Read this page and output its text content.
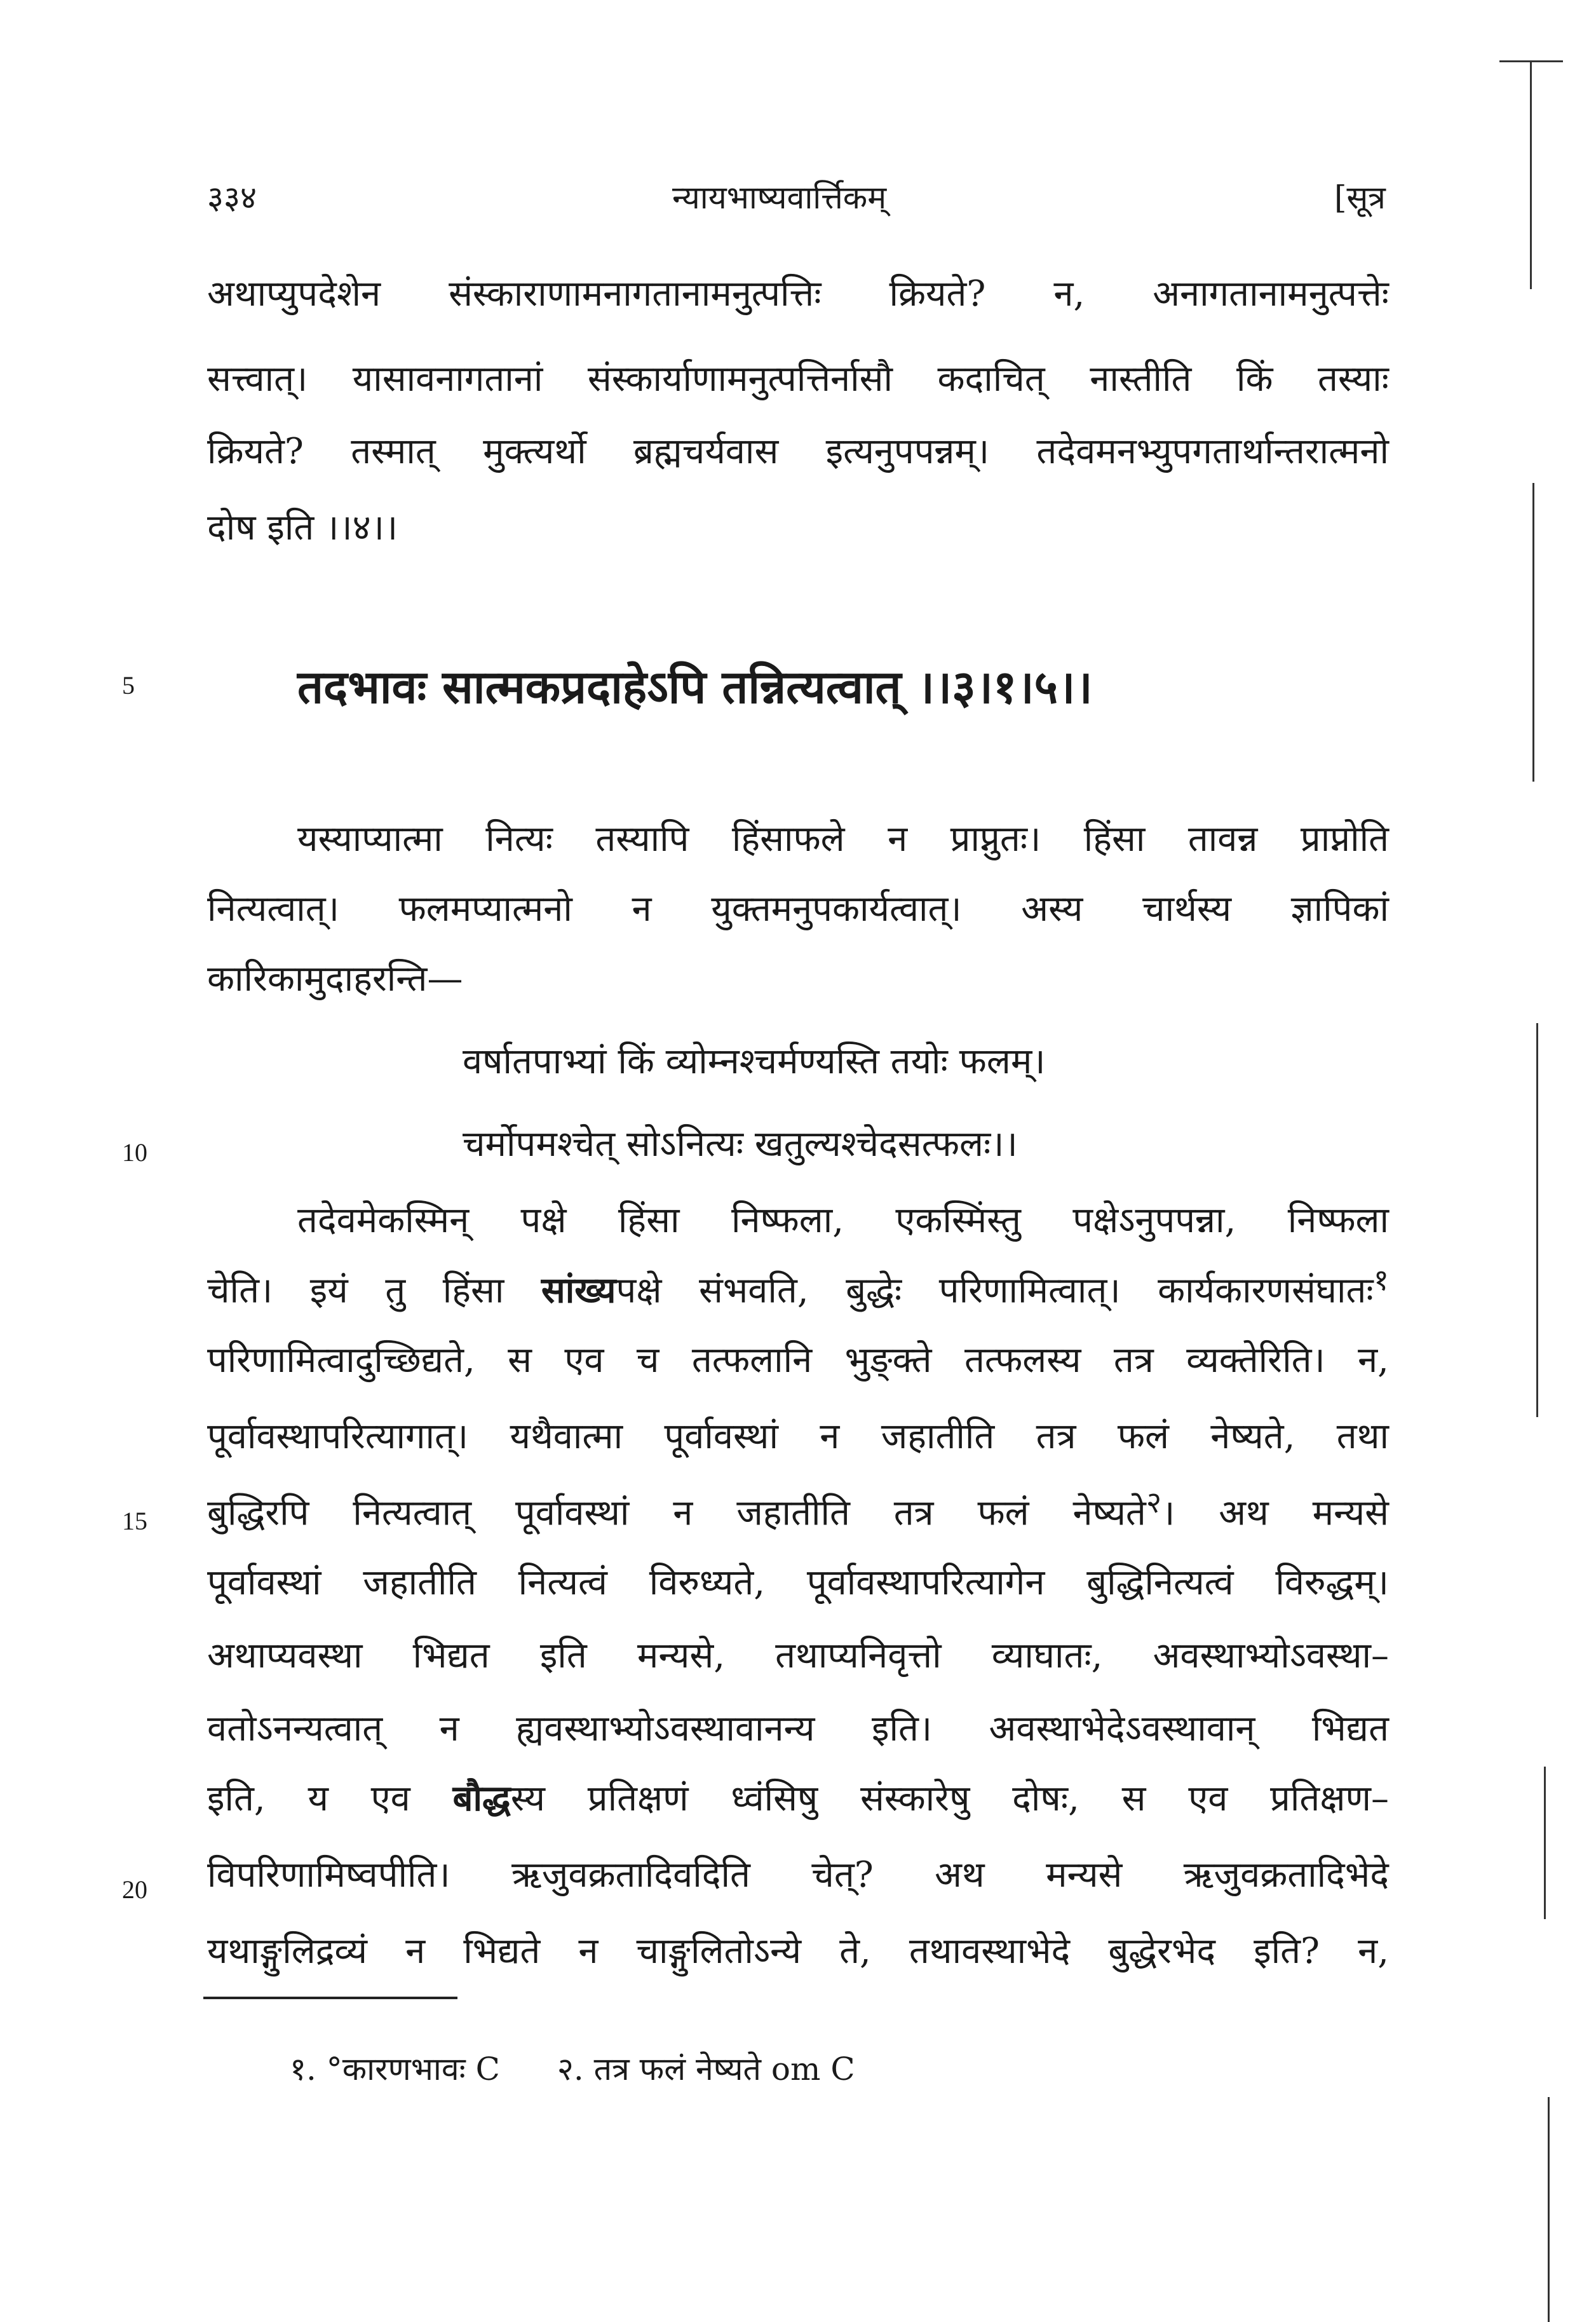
३३४	न्यायभाष्यवार्त्तिकम्	[सूत्र
अथाप्युपदेशेन संस्काराणामनागतानामनुत्पत्तिः क्रियते? न, अनागतानामनुत्पत्तेः
सत्त्वात्। यासावनागतानां संस्कार्याणामनुत्पत्तिर्नासौ कदाचित् नास्तीति किं तस्याः
क्रियते? तस्मात् मुक्त्यर्थो ब्रह्मचर्यवास इत्यनुपपन्नम्। तदेवमनभ्युपगतार्थान्तरात्मनो
दोष इति ।।४।।
5	तदभावः सात्मकप्रदाहेऽपि तन्नित्यत्वात् ।।३।१।५।।
यस्याप्यात्मा नित्यः तस्यापि हिंसाफले न प्राप्नुतः। हिंसा तावन्न प्राप्नोति
नित्यत्वात्। फलमप्यात्मनो न युक्तमनुपकार्यत्वात्। अस्य चार्थस्य ज्ञापिकां
कारिकामुदाहरन्ति—
वर्षातपाभ्यां किं व्योम्नश्चर्मण्यस्ति तयोः फलम्।
10	चर्मोपमश्चेत् सोऽनित्यः खतुल्यश्चेदसत्फलः।।
तदेवमेकस्मिन् पक्षे हिंसा निष्फला, एकस्मिंस्तु पक्षेऽनुपपन्ना, निष्फला
चेति। इयं तु हिंसा सांख्यपक्षे संभवति, बुद्धेः परिणामित्वात्। कार्यकारणसंघातः$^१$
परिणामित्वादुच्छिद्यते, स एव च तत्फलानि भुङ्क्ते तत्फलस्य तत्र व्यक्तेरिति। न,
पूर्वावस्थापरित्यागात्। यथैवात्मा पूर्वावस्थां न जहातीति तत्र फलं नेष्यते, तथा
15 बुद्धिरपि नित्यत्वात् पूर्वावस्थां न जहातीति तत्र फलं नेष्यते$^२$। अथ मन्यसे
पूर्वावस्थां जहातीति नित्यत्वं विरुध्यते, पूर्वावस्थापरित्यागेन बुद्धिनित्यत्वं विरुद्धम्।
अथाप्यवस्था भिद्यत इति मन्यसे, तथाप्यनिवृत्तो व्याघातः, अवस्थाभ्योऽवस्था–
वतोऽनन्यत्वात् न ह्यवस्थाभ्योऽवस्थावानन्य इति। अवस्थाभेदेऽवस्थावान् भिद्यत
इति, य एव बौद्धस्य प्रतिक्षणं ध्वंसिषु संस्कारेषु दोषः, स एव प्रतिक्षण–
20 विपरिणामिष्वपीति। ऋजुवक्रतादिवदिति चेत्? अथ मन्यसे ऋजुवक्रतादिभेदे
यथाङ्गुलिद्रव्यं न भिद्यते न चाङ्गुलितोऽन्ये ते, तथावस्थाभेदे बुद्धेरभेद इति? न,
१. °कारणभावः C २. तत्र फलं नेष्यते om C
